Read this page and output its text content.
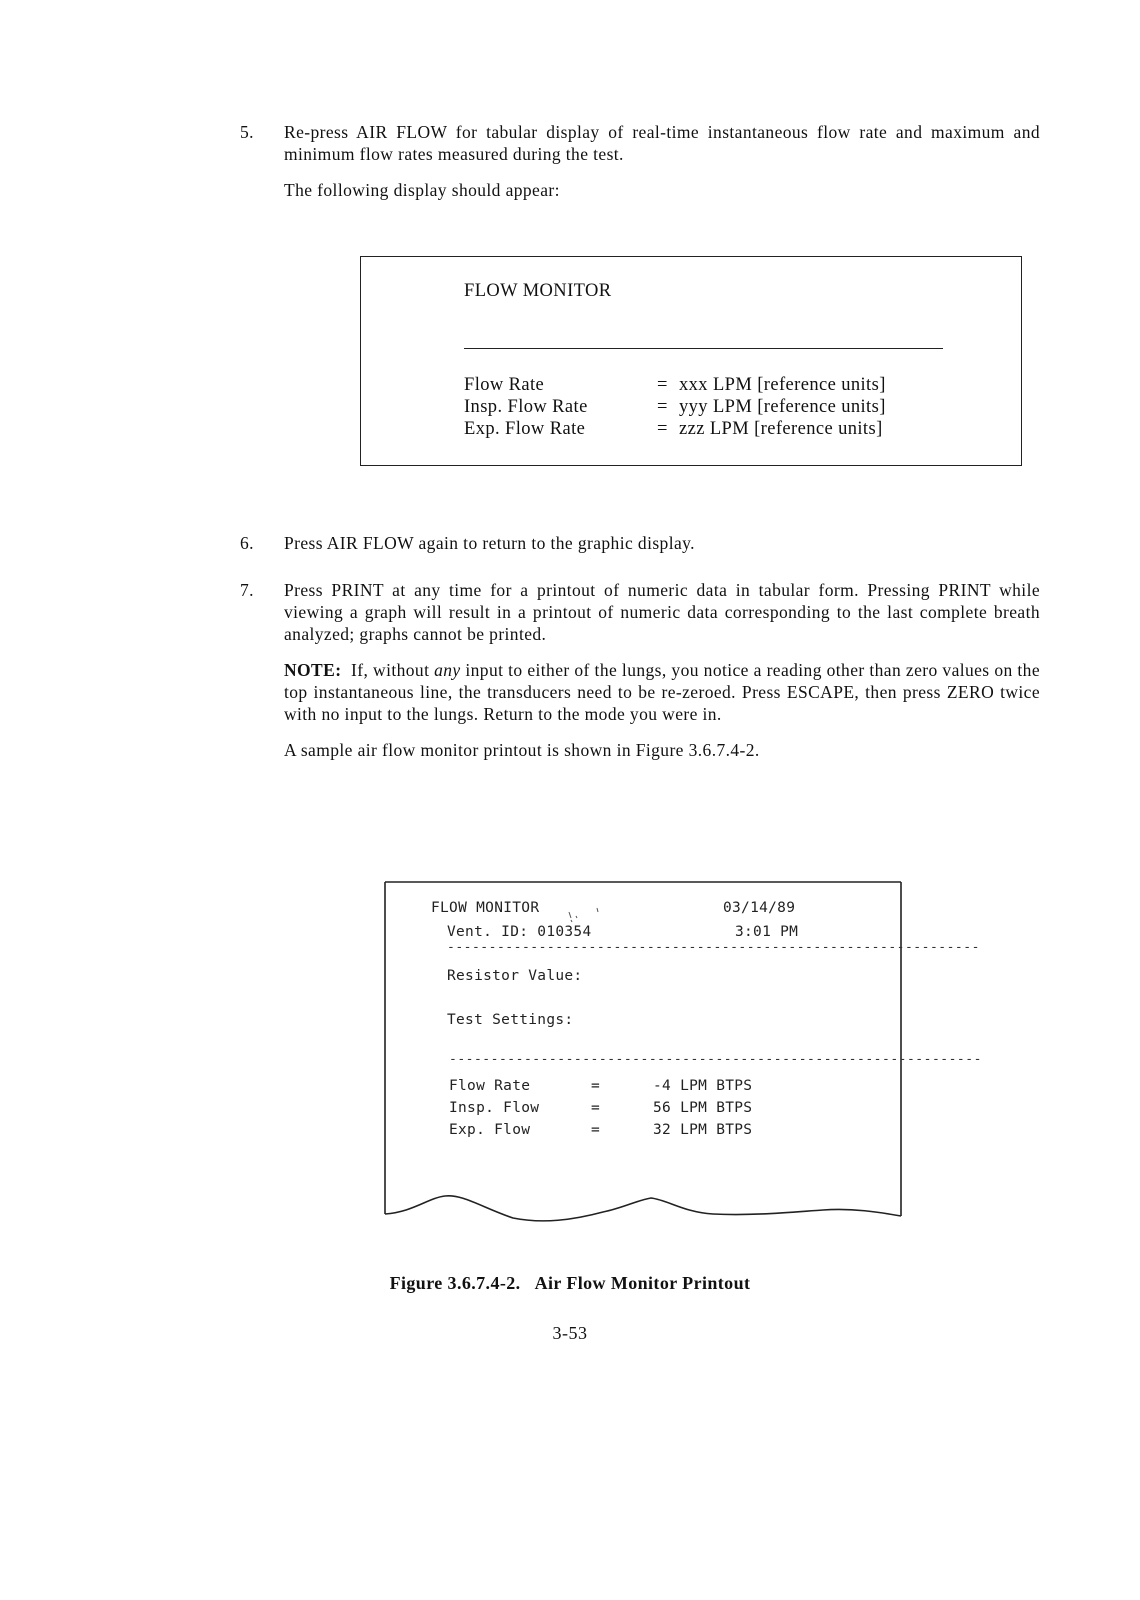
5. Re-press AIR FLOW for tabular display of real-time instantaneous flow rate and maximum and minimum flow rates measured during the test.

The following display should appear:

FLOW MONITOR
Flow Rate	= xxx LPM [reference units]
Insp. Flow Rate	= yyy LPM [reference units]
Exp. Flow Rate	= zzz LPM [reference units]
6. Press AIR FLOW again to return to the graphic display.

7. Press PRINT at any time for a printout of numeric data in tabular form. Pressing PRINT while viewing a graph will result in a printout of numeric data corresponding to the last complete breath analyzed; graphs cannot be printed.

NOTE: If, without any input to either of the lungs, you notice a reading other than zero values on the top instantaneous line, the transducers need to be re-zeroed. Press ESCAPE, then press ZERO twice with no input to the lungs. Return to the mode you were in.

A sample air flow monitor printout is shown in Figure 3.6.7.4-2.

FLOW MONITOR	03/14/89
Vent. ID: 010354	3:01 PM
----------------------------------------------------------------
Resistor Value:
Test Settings:
----------------------------------------------------------------
Flow Rate	=	-4 LPM BTPS
Insp. Flow	=	56 LPM BTPS
Exp. Flow	=	32 LPM BTPS
Figure 3.6.7.4-2. Air Flow Monitor Printout
3-53
